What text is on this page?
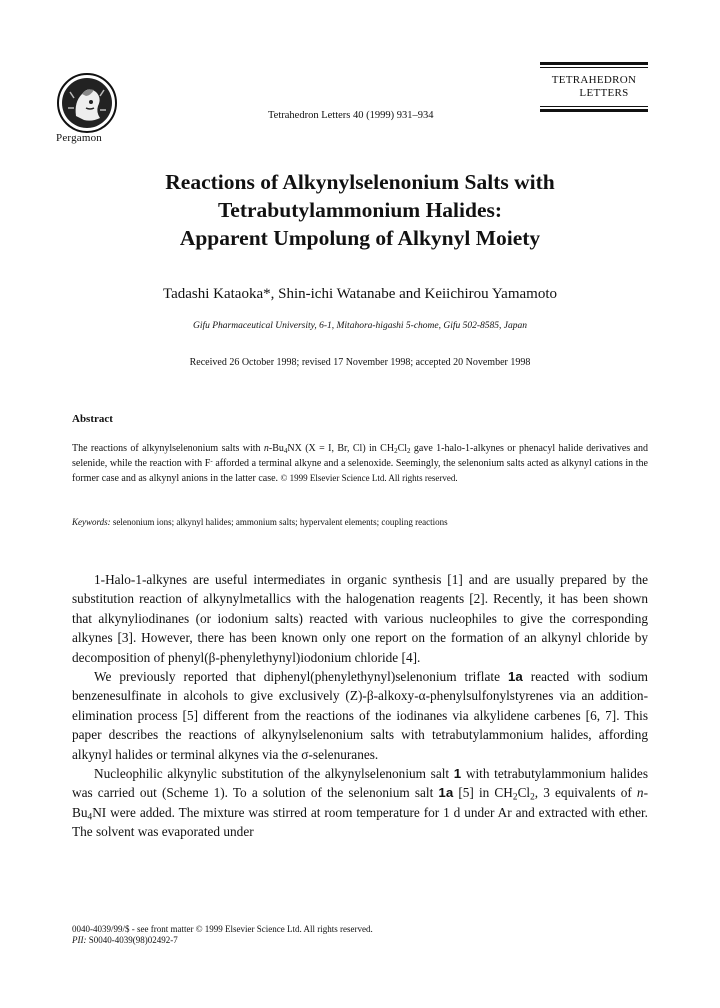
Pergamon
Tetrahedron Letters 40 (1999) 931–934
TETRAHEDRON
LETTERS
Reactions of Alkynylselenonium Salts with
Tetrabutylammonium Halides:
Apparent Umpolung of Alkynyl Moiety
Tadashi Kataoka*, Shin-ichi Watanabe and Keiichirou Yamamoto
Gifu Pharmaceutical University, 6-1, Mitahora-higashi 5-chome, Gifu 502-8585, Japan
Received 26 October 1998; revised 17 November 1998; accepted 20 November 1998
Abstract
The reactions of alkynylselenonium salts with $n-Bu_4NX$ (X = I, Br, Cl) in $CH_2Cl_2$ gave 1-halo-1-alkynes or phenacyl halide derivatives and selenide, while the reaction with F- afforded a terminal alkyne and a selenoxide. Seemingly, the selenonium salts acted as alkynyl cations in the former case and as alkynyl anions in the latter case. © 1999 Elsevier Science Ltd. All rights reserved.
Keywords: selenonium ions; alkynyl halides; ammonium salts; hypervalent elements; coupling reactions

1-Halo-1-alkynes are useful intermediates in organic synthesis [1] and are usually prepared by the substitution reaction of alkynylmetallics with the halogenation reagents [2]. Recently, it has been shown that alkynyliodinanes (or iodonium salts) reacted with various nucleophiles to give the corresponding alkynes [3]. However, there has been known only one report on the formation of an alkynyl chloride by decomposition of phenyl(β-phenylethynyl)iodonium chloride [4].

We previously reported that diphenyl(phenylethynyl)selenonium triflate 1a reacted with sodium benzenesulfinate in alcohols to give exclusively (Z)-β-alkoxy-α-phenylsulfonylstyrenes via an addition-elimination process [5] different from the reactions of the iodinanes via alkylidene carbenes [6, 7]. This paper describes the reactions of alkynylselenonium salts with tetrabutylammonium halides, affording alkynyl halides or terminal alkynes via the σ-selenuranes.

Nucleophilic alkynylic substitution of the alkynylselenonium salt 1 with tetrabutylammonium halides was carried out (Scheme 1). To a solution of the selenonium salt 1a [5] in $CH_2Cl_2$, 3 equivalents of $n-Bu_4NI$ were added. The mixture was stirred at room temperature for 1 d under Ar and extracted with ether. The solvent was evaporated under

0040-4039/99/$ - see front matter © 1999 Elsevier Science Ltd. All rights reserved.
PII: S0040-4039(98)02492-7
